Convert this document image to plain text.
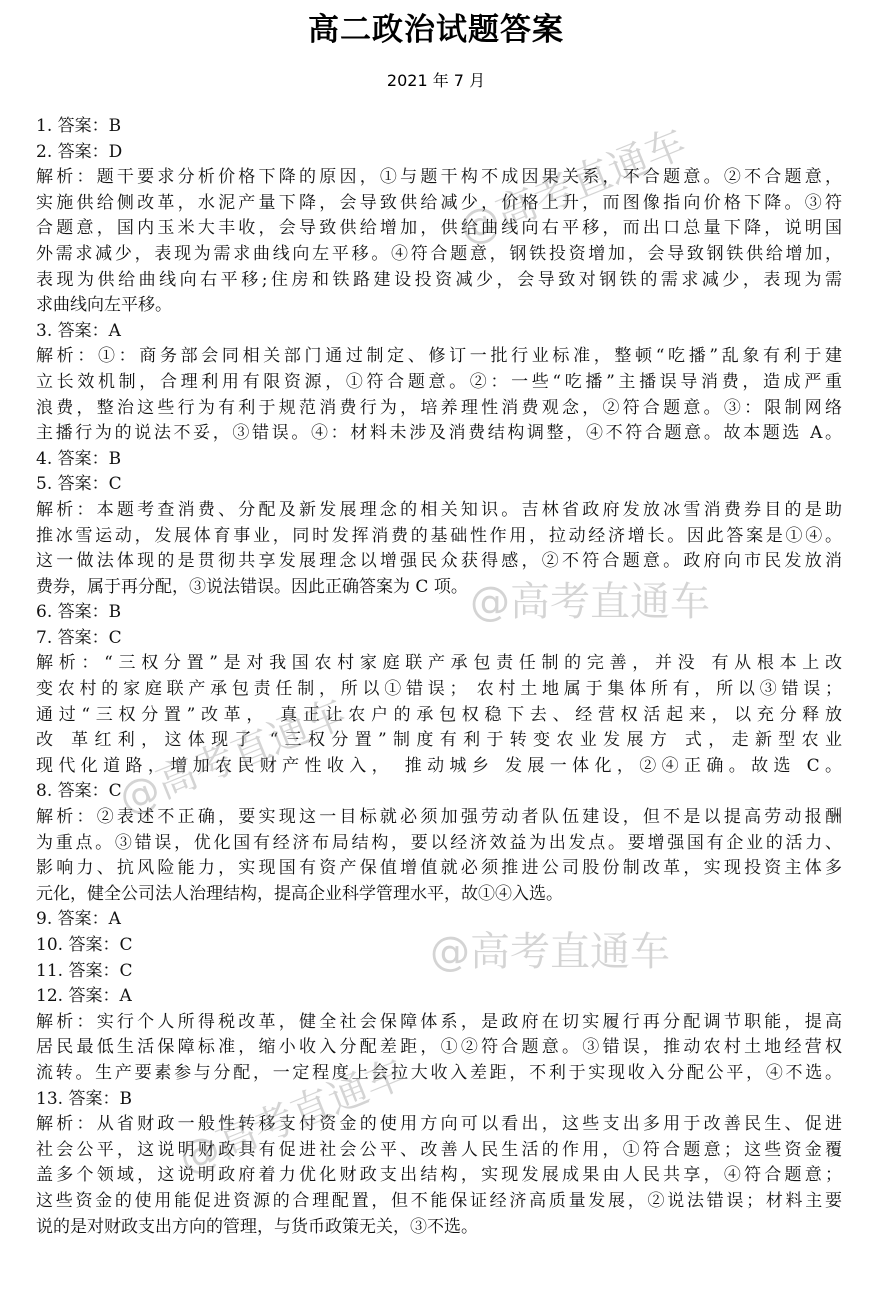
高二政治试题答案
2021 年 7 月
1. 答案：B
2. 答案：D
解析：题干要求分析价格下降的原因，①与题干构不成因果关系，不合题意。②不合题意，
实施供给侧改革，水泥产量下降，会导致供给减少，价格上升，而图像指向价格下降。③符
合题意，国内玉米大丰收，会导致供给增加，供给曲线向右平移，而出口总量下降，说明国
外需求减少，表现为需求曲线向左平移。④符合题意，钢铁投资增加，会导致钢铁供给增加，
表现为供给曲线向右平移;住房和铁路建设投资减少，会导致对钢铁的需求减少，表现为需
求曲线向左平移。
3. 答案：A
解析：①：商务部会同相关部门通过制定、修订一批行业标准，整顿“吃播”乱象有利于建
立长效机制，合理利用有限资源，①符合题意。②：一些“吃播”主播误导消费，造成严重
浪费，整治这些行为有利于规范消费行为，培养理性消费观念，②符合题意。③：限制网络
主播行为的说法不妥，③错误。④：材料未涉及消费结构调整，④不符合题意。故本题选 A。
4. 答案：B
5. 答案：C
解析：本题考查消费、分配及新发展理念的相关知识。吉林省政府发放冰雪消费券目的是助
推冰雪运动，发展体育事业，同时发挥消费的基础性作用，拉动经济增长。因此答案是①④。
这一做法体现的是贯彻共享发展理念以增强民众获得感，②不符合题意。政府向市民发放消
费券，属于再分配，③说法错误。因此正确答案为 C 项。
6. 答案：B
7. 答案：C
解析：“三权分置”是对我国农村家庭联产承包责任制的完善，并没 有从根本上改
变农村的家庭联产承包责任制，所以①错误； 农村土地属于集体所有，所以③错误；
通过“三权分置”改革， 真正让农户的承包权稳下去、经营权活起来，以充分释放
改 革红利，这体现了 “三权分置”制度有利于转变农业发展方 式，走新型农业
现代化道路，增加农民财产性收入， 推动城乡 发展一体化，②④正确。故选 C。
8. 答案：C
解析：②表述不正确，要实现这一目标就必须加强劳动者队伍建设，但不是以提高劳动报酬
为重点。③错误，优化国有经济布局结构，要以经济效益为出发点。要增强国有企业的活力、
影响力、抗风险能力，实现国有资产保值增值就必须推进公司股份制改革，实现投资主体多
元化，健全公司法人治理结构，提高企业科学管理水平，故①④入选。
9. 答案：A
10. 答案：C
11. 答案：C
12. 答案：A
解析：实行个人所得税改革，健全社会保障体系，是政府在切实履行再分配调节职能，提高
居民最低生活保障标准，缩小收入分配差距，①②符合题意。③错误，推动农村土地经营权
流转。生产要素参与分配，一定程度上会拉大收入差距，不利于实现收入分配公平，④不选。
13. 答案：B
解析：从省财政一般性转移支付资金的使用方向可以看出，这些支出多用于改善民生、促进
社会公平，这说明财政具有促进社会公平、改善人民生活的作用，①符合题意；这些资金覆
盖多个领域，这说明政府着力优化财政支出结构，实现发展成果由人民共享，④符合题意；
这些资金的使用能促进资源的合理配置，但不能保证经济高质量发展，②说法错误；材料主要
说的是对财政支出方向的管理，与货币政策无关，③不选。
@高考直通车
@高考直通车
@高考直通车
@高考直通车
@高考直通车
